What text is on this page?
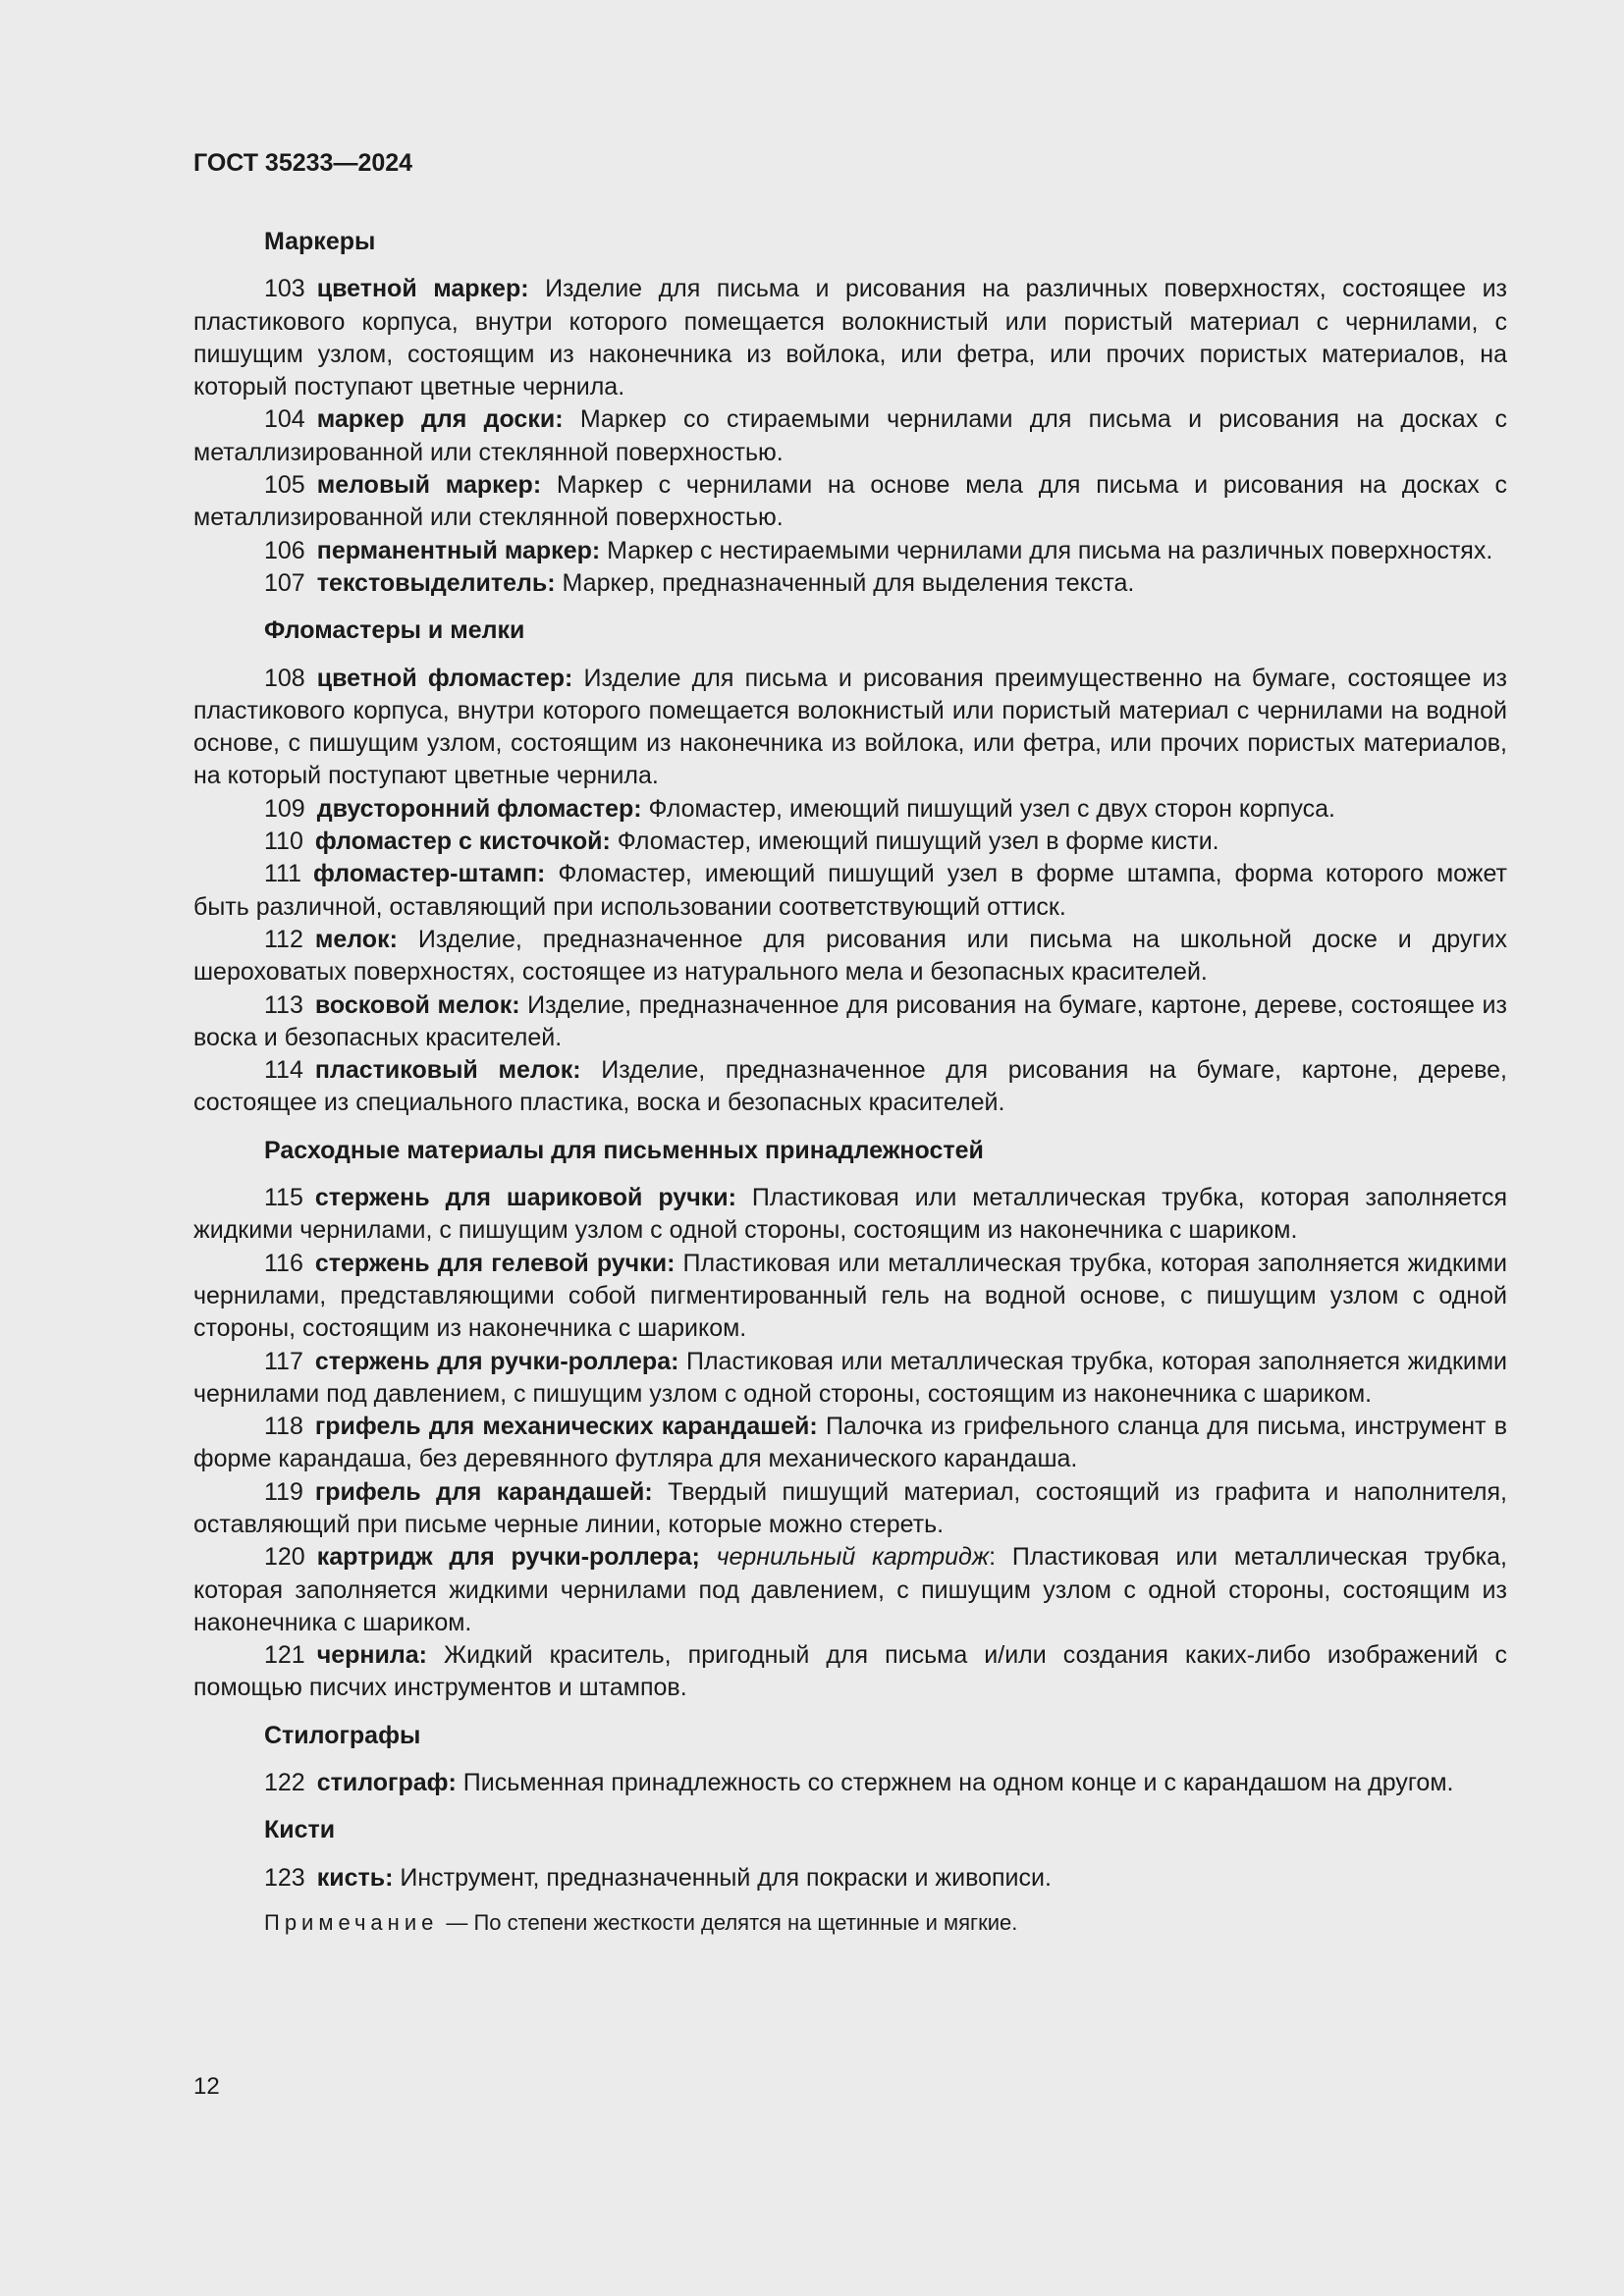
ГОСТ 35233—2024

Маркеры

103 цветной маркер: Изделие для письма и рисования на различных поверхностях, состоящее из пластикового корпуса, внутри которого помещается волокнистый или пористый материал с чернилами, с пишущим узлом, состоящим из наконечника из войлока, или фетра, или прочих пористых материалов, на который поступают цветные чернила.

104 маркер для доски: Маркер со стираемыми чернилами для письма и рисования на досках с металлизированной или стеклянной поверхностью.

105 меловый маркер: Маркер с чернилами на основе мела для письма и рисования на досках с металлизированной или стеклянной поверхностью.

106 перманентный маркер: Маркер с нестираемыми чернилами для письма на различных поверхностях.

107 текстовыделитель: Маркер, предназначенный для выделения текста.

Фломастеры и мелки

108 цветной фломастер: Изделие для письма и рисования преимущественно на бумаге, состоящее из пластикового корпуса, внутри которого помещается волокнистый или пористый материал с чернилами на водной основе, с пишущим узлом, состоящим из наконечника из войлока, или фетра, или прочих пористых материалов, на который поступают цветные чернила.

109 двусторонний фломастер: Фломастер, имеющий пишущий узел с двух сторон корпуса.

110 фломастер с кисточкой: Фломастер, имеющий пишущий узел в форме кисти.

111 фломастер-штамп: Фломастер, имеющий пишущий узел в форме штампа, форма которого может быть различной, оставляющий при использовании соответствующий оттиск.

112 мелок: Изделие, предназначенное для рисования или письма на школьной доске и других шероховатых поверхностях, состоящее из натурального мела и безопасных красителей.

113 восковой мелок: Изделие, предназначенное для рисования на бумаге, картоне, дереве, состоящее из воска и безопасных красителей.

114 пластиковый мелок: Изделие, предназначенное для рисования на бумаге, картоне, дереве, состоящее из специального пластика, воска и безопасных красителей.

Расходные материалы для письменных принадлежностей

115 стержень для шариковой ручки: Пластиковая или металлическая трубка, которая заполняется жидкими чернилами, с пишущим узлом с одной стороны, состоящим из наконечника с шариком.

116 стержень для гелевой ручки: Пластиковая или металлическая трубка, которая заполняется жидкими чернилами, представляющими собой пигментированный гель на водной основе, с пишущим узлом с одной стороны, состоящим из наконечника с шариком.

117 стержень для ручки-роллера: Пластиковая или металлическая трубка, которая заполняется жидкими чернилами под давлением, с пишущим узлом с одной стороны, состоящим из наконечника с шариком.

118 грифель для механических карандашей: Палочка из грифельного сланца для письма, инструмент в форме карандаша, без деревянного футляра для механического карандаша.

119 грифель для карандашей: Твердый пишущий материал, состоящий из графита и наполнителя, оставляющий при письме черные линии, которые можно стереть.

120 картридж для ручки-роллера; чернильный картридж: Пластиковая или металлическая трубка, которая заполняется жидкими чернилами под давлением, с пишущим узлом с одной стороны, состоящим из наконечника с шариком.

121 чернила: Жидкий краситель, пригодный для письма и/или создания каких-либо изображений с помощью писчих инструментов и штампов.

Стилографы

122 стилограф: Письменная принадлежность со стержнем на одном конце и с карандашом на другом.

Кисти

123 кисть: Инструмент, предназначенный для покраски и живописи.

Примечание — По степени жесткости делятся на щетинные и мягкие.

12
